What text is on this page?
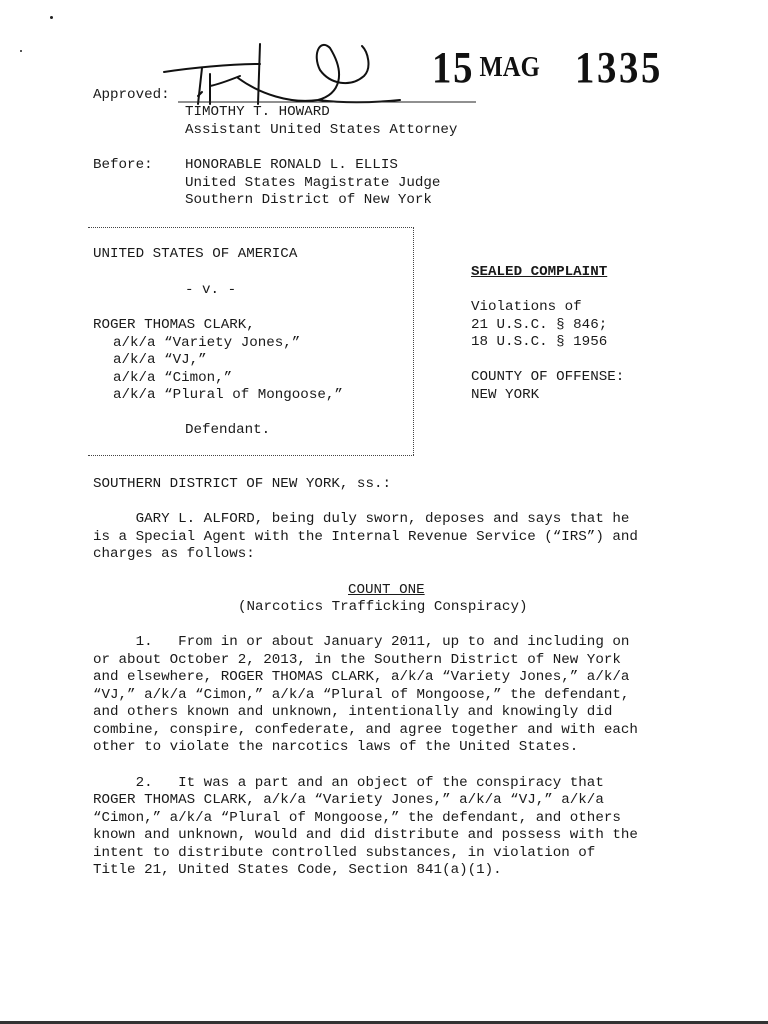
15 MAG 1335
Approved:
TIMOTHY T. HOWARD
Assistant United States Attorney
Before: HONORABLE RONALD L. ELLIS
United States Magistrate Judge
Southern District of New York
UNITED STATES OF AMERICA
- v. -
ROGER THOMAS CLARK,
a/k/a “Variety Jones,”
a/k/a “VJ,”
a/k/a “Cimon,”
a/k/a “Plural of Mongoose,”
Defendant.
SEALED COMPLAINT
Violations of
21 U.S.C. § 846;
18 U.S.C. § 1956
COUNTY OF OFFENSE:
NEW YORK
SOUTHERN DISTRICT OF NEW YORK, ss.:
GARY L. ALFORD, being duly sworn, deposes and says that he
is a Special Agent with the Internal Revenue Service (“IRS”) and
charges as follows:
COUNT ONE
(Narcotics Trafficking Conspiracy)
1.   From in or about January 2011, up to and including on
or about October 2, 2013, in the Southern District of New York
and elsewhere, ROGER THOMAS CLARK, a/k/a “Variety Jones,” a/k/a
“VJ,” a/k/a “Cimon,” a/k/a “Plural of Mongoose,” the defendant,
and others known and unknown, intentionally and knowingly did
combine, conspire, confederate, and agree together and with each
other to violate the narcotics laws of the United States.
2.   It was a part and an object of the conspiracy that
ROGER THOMAS CLARK, a/k/a “Variety Jones,” a/k/a “VJ,” a/k/a
“Cimon,” a/k/a “Plural of Mongoose,” the defendant, and others
known and unknown, would and did distribute and possess with the
intent to distribute controlled substances, in violation of
Title 21, United States Code, Section 841(a)(1).
